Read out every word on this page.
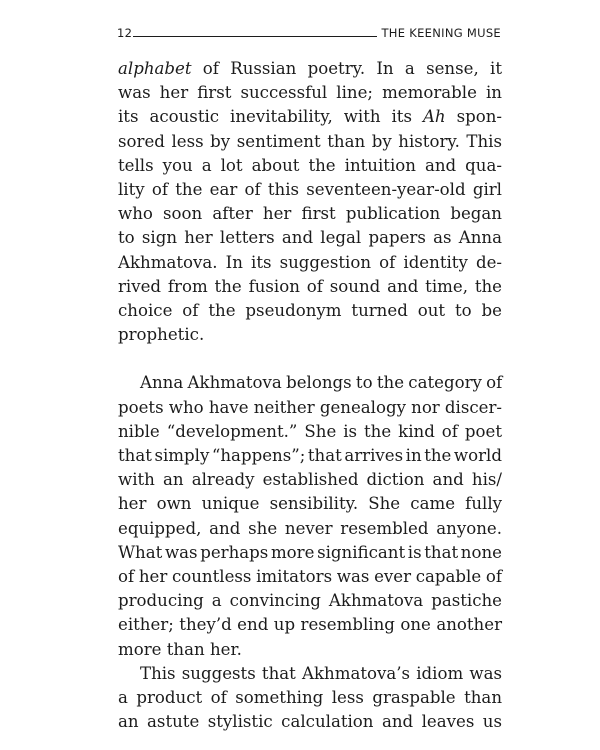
12	THE KEENING MUSE
alphabet of Russian poetry. In a sense, it
was her first successful line; memorable in
its acoustic inevitability, with its Ah spon-
sored less by sentiment than by history. This
tells you a lot about the intuition and qua-
lity of the ear of this seventeen-year-old girl
who soon after her first publication began
to sign her letters and legal papers as Anna
Akhmatova. In its suggestion of identity de-
rived from the fusion of sound and time, the
choice of the pseudonym turned out to be
prophetic.
Anna Akhmatova belongs to the category of
poets who have neither genealogy nor discer-
nible “development.” She is the kind of poet
that simply “happens”; that arrives in the world
with an already established diction and his/
her own unique sensibility. She came fully
equipped, and she never resembled anyone.
What was perhaps more significant is that none
of her countless imitators was ever capable of
producing a convincing Akhmatova pastiche
either; they’d end up resembling one another
more than her.
This suggests that Akhmatova’s idiom was
a product of something less graspable than
an astute stylistic calculation and leaves us
